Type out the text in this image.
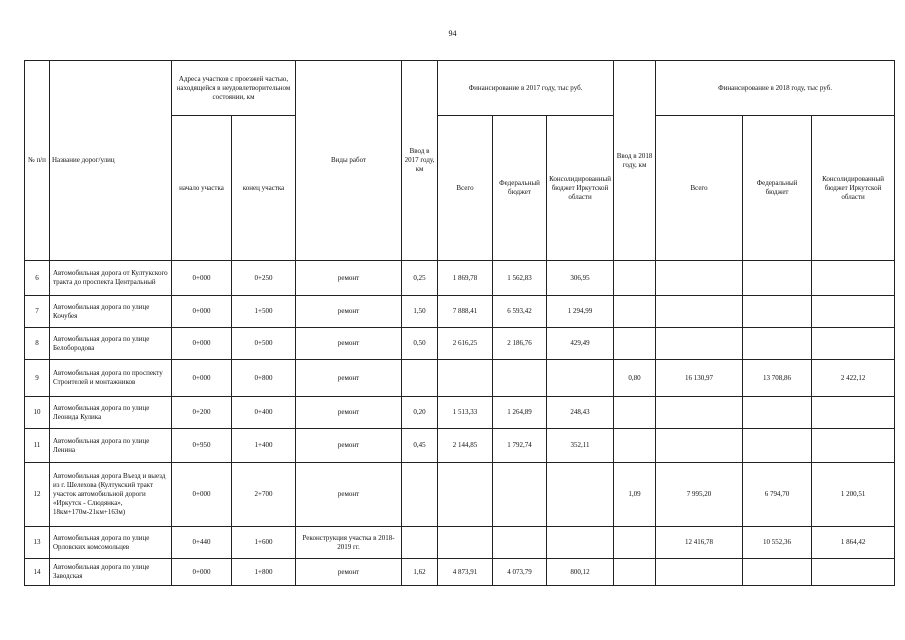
94
№ п/п	Название дорог/улиц	Адреса участков с проезжей частью, находящейся в неудовлетворительном состоянии, км		Виды работ	Ввод в 2017 году, км	Финансирование в 2017 году, тыс руб.			Ввод в 2018 году, км	Финансирование в 2018 году, тыс руб.		
		начало участка	конец участка			Всего	Федеральный бюджет	Консолидированный бюджет Иркутской области		Всего	Федеральный бюджет	Консолидированный бюджет Иркутской области
6	Автомобильная дорога от Култукского тракта до проспекта Центральный	0+000	0+250	ремонт	0,25	1 869,78	1 562,83	306,95				
7	Автомобильная дорога по улице Кочубея	0+000	1+500	ремонт	1,50	7 888,41	6 593,42	1 294,99				
8	Автомобильная дорога по улице Белобородова	0+000	0+500	ремонт	0,50	2 616,25	2 186,76	429,49				
9	Автомобильная дорога по проспекту Строителей и монтажников	0+000	0+800	ремонт					0,80	16 130,97	13 708,86	2 422,12
10	Автомобильная дорога по улице Леонида Кулика	0+200	0+400	ремонт	0,20	1 513,33	1 264,89	248,43				
11	Автомобильная дорога по улице Ленина	0+950	1+400	ремонт	0,45	2 144,85	1 792,74	352,11				
12	Автомобильная дорога Въезд и выезд из г. Шелехова (Култукский тракт участок автомобильной дороги «Иркутск - Слюдянка», 18км+170м-21км+163м)	0+000	2+700	ремонт					1,09	7 995,20	6 794,70	1 200,51
13	Автомобильная дорога по улице Орловских комсомольцев	0+440	1+600	Реконструкция участка в 2018-2019 гг.						12 416,78	10 552,36	1 864,42
14	Автомобильная дорога по улице Заводская	0+000	1+800	ремонт	1,62	4 873,91	4 073,79	800,12				
